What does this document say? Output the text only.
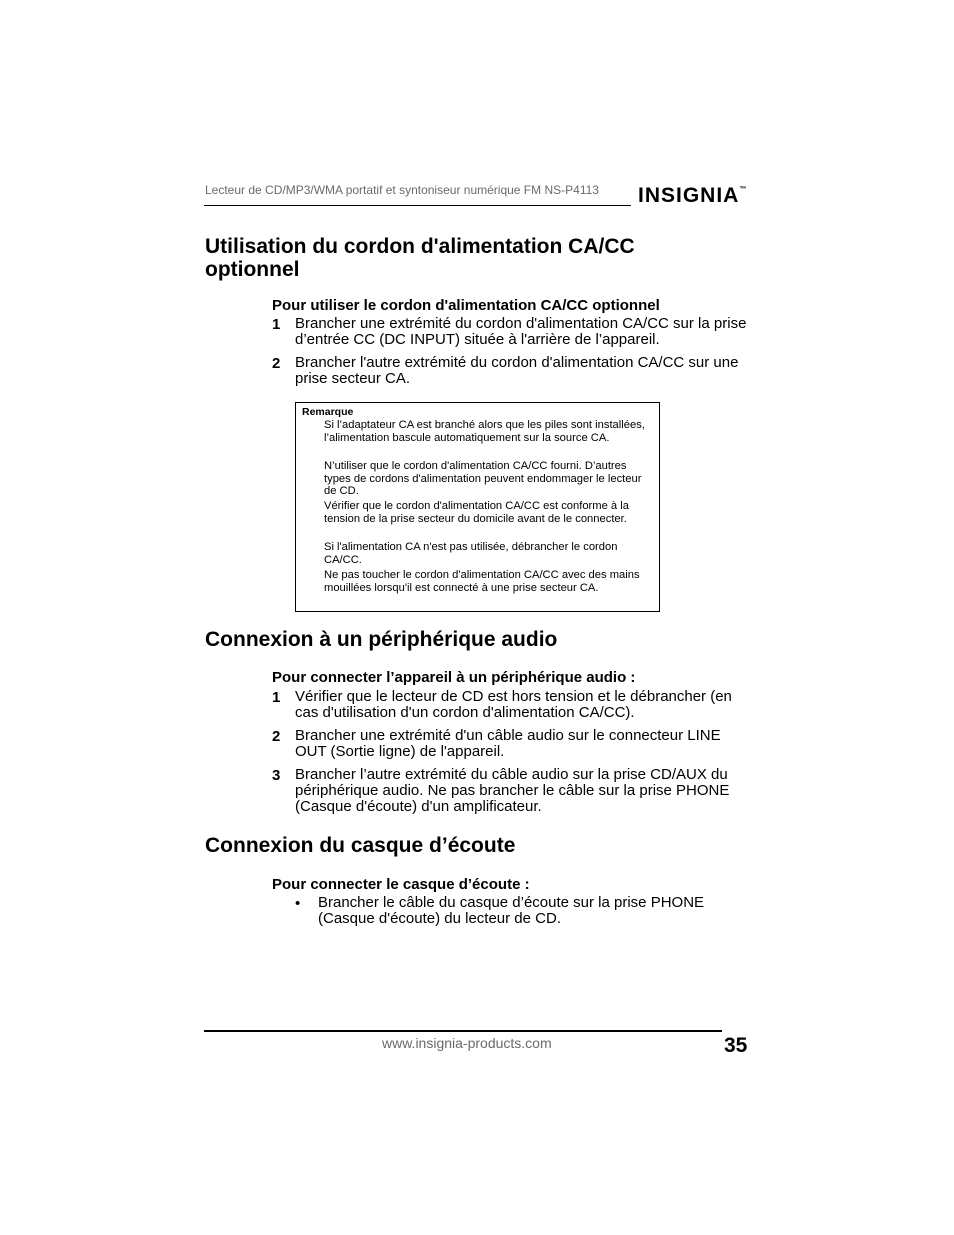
Lecteur de CD/MP3/WMA portatif et syntoniseur numérique FM NS-P4113 INSIGNIA™
Utilisation du cordon d'alimentation CA/CC optionnel
Pour utiliser le cordon d'alimentation CA/CC optionnel
1 Brancher une extrémité du cordon d'alimentation CA/CC sur la prise d’entrée CC (DC INPUT) située à l'arrière de l’appareil.
2 Brancher l'autre extrémité du cordon d'alimentation CA/CC sur une prise secteur CA.
Remarque
Si l’adaptateur CA est branché alors que les piles sont installées, l’alimentation bascule automatiquement sur la source CA.
N’utiliser que le cordon d'alimentation CA/CC fourni. D’autres types de cordons d'alimentation peuvent endommager le lecteur de CD.
Vérifier que le cordon d'alimentation CA/CC est conforme à la tension de la prise secteur du domicile avant de le connecter.
Si l'alimentation CA n'est pas utilisée, débrancher le cordon CA/CC.
Ne pas toucher le cordon d'alimentation CA/CC avec des mains mouillées lorsqu'il est connecté à une prise secteur CA.
Connexion à un périphérique audio
Pour connecter l’appareil à un périphérique audio :
1 Vérifier que le lecteur de CD est hors tension et le débrancher (en cas d'utilisation d'un cordon d'alimentation CA/CC).
2 Brancher une extrémité d'un câble audio sur le connecteur LINE OUT (Sortie ligne) de l'appareil.
3 Brancher l’autre extrémité du câble audio sur la prise CD/AUX du périphérique audio. Ne pas brancher le câble sur la prise PHONE (Casque d'écoute) d'un amplificateur.
Connexion du casque d’écoute
Pour connecter le casque d’écoute :
• Brancher le câble du casque d’écoute sur la prise PHONE (Casque d'écoute) du lecteur de CD.
www.insignia-products.com	35
